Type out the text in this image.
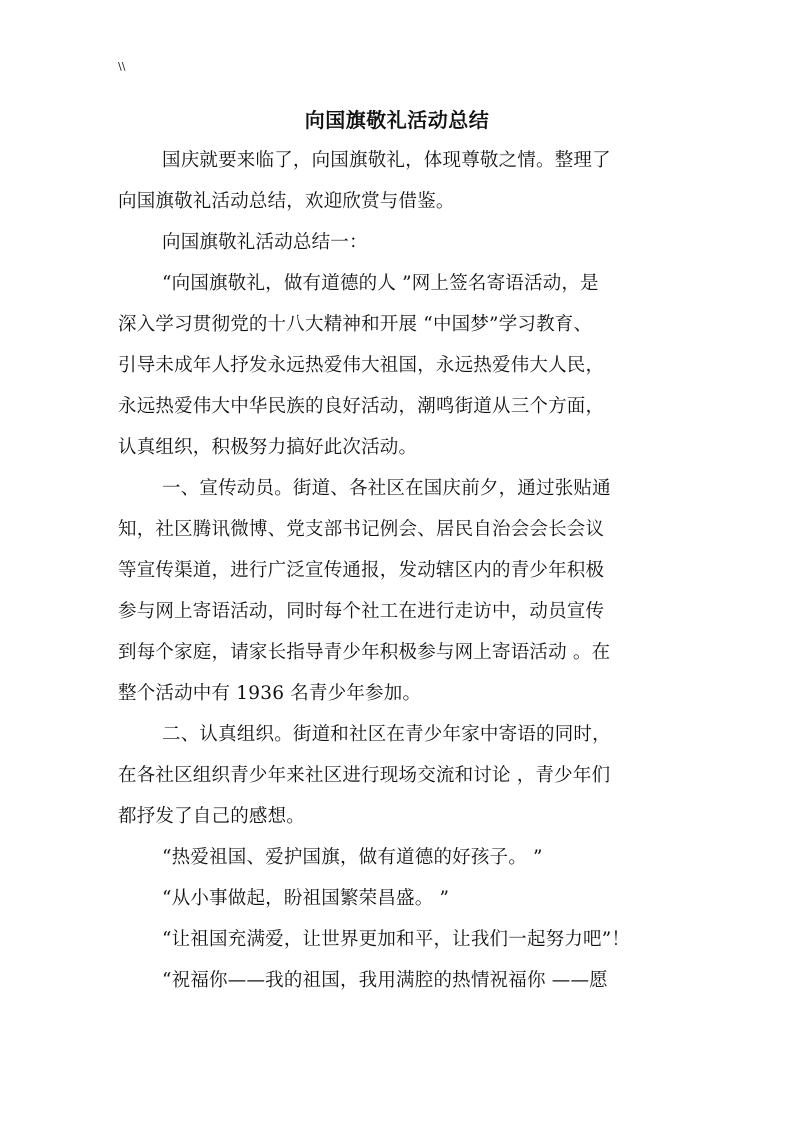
\\
向国旗敬礼活动总结
国庆就要来临了，向国旗敬礼，体现尊敬之情。整理了
向国旗敬礼活动总结，欢迎欣赏与借鉴。
向国旗敬礼活动总结一：
“向国旗敬礼，做有道德的人 ”网上签名寄语活动，是
深入学习贯彻党的十八大精神和开展 “中国梦”学习教育、
引导未成年人抒发永远热爱伟大祖国，永远热爱伟大人民，
永远热爱伟大中华民族的良好活动，潮鸣街道从三个方面，
认真组织，积极努力搞好此次活动。
一、宣传动员。街道、各社区在国庆前夕，通过张贴通
知，社区腾讯微博、党支部书记例会、居民自治会会长会议
等宣传渠道，进行广泛宣传通报，发动辖区内的青少年积极
参与网上寄语活动，同时每个社工在进行走访中，动员宣传
到每个家庭，请家长指导青少年积极参与网上寄语活动 。在
整个活动中有 1936 名青少年参加。
二、认真组织。街道和社区在青少年家中寄语的同时，
在各社区组织青少年来社区进行现场交流和讨论 ，青少年们
都抒发了自己的感想。
“热爱祖国、爱护国旗，做有道德的好孩子。 ”
“从小事做起，盼祖国繁荣昌盛。 ”
“让祖国充满爱，让世界更加和平，让我们一起努力吧”！
“祝福你——我的祖国，我用满腔的热情祝福你 ——愿
